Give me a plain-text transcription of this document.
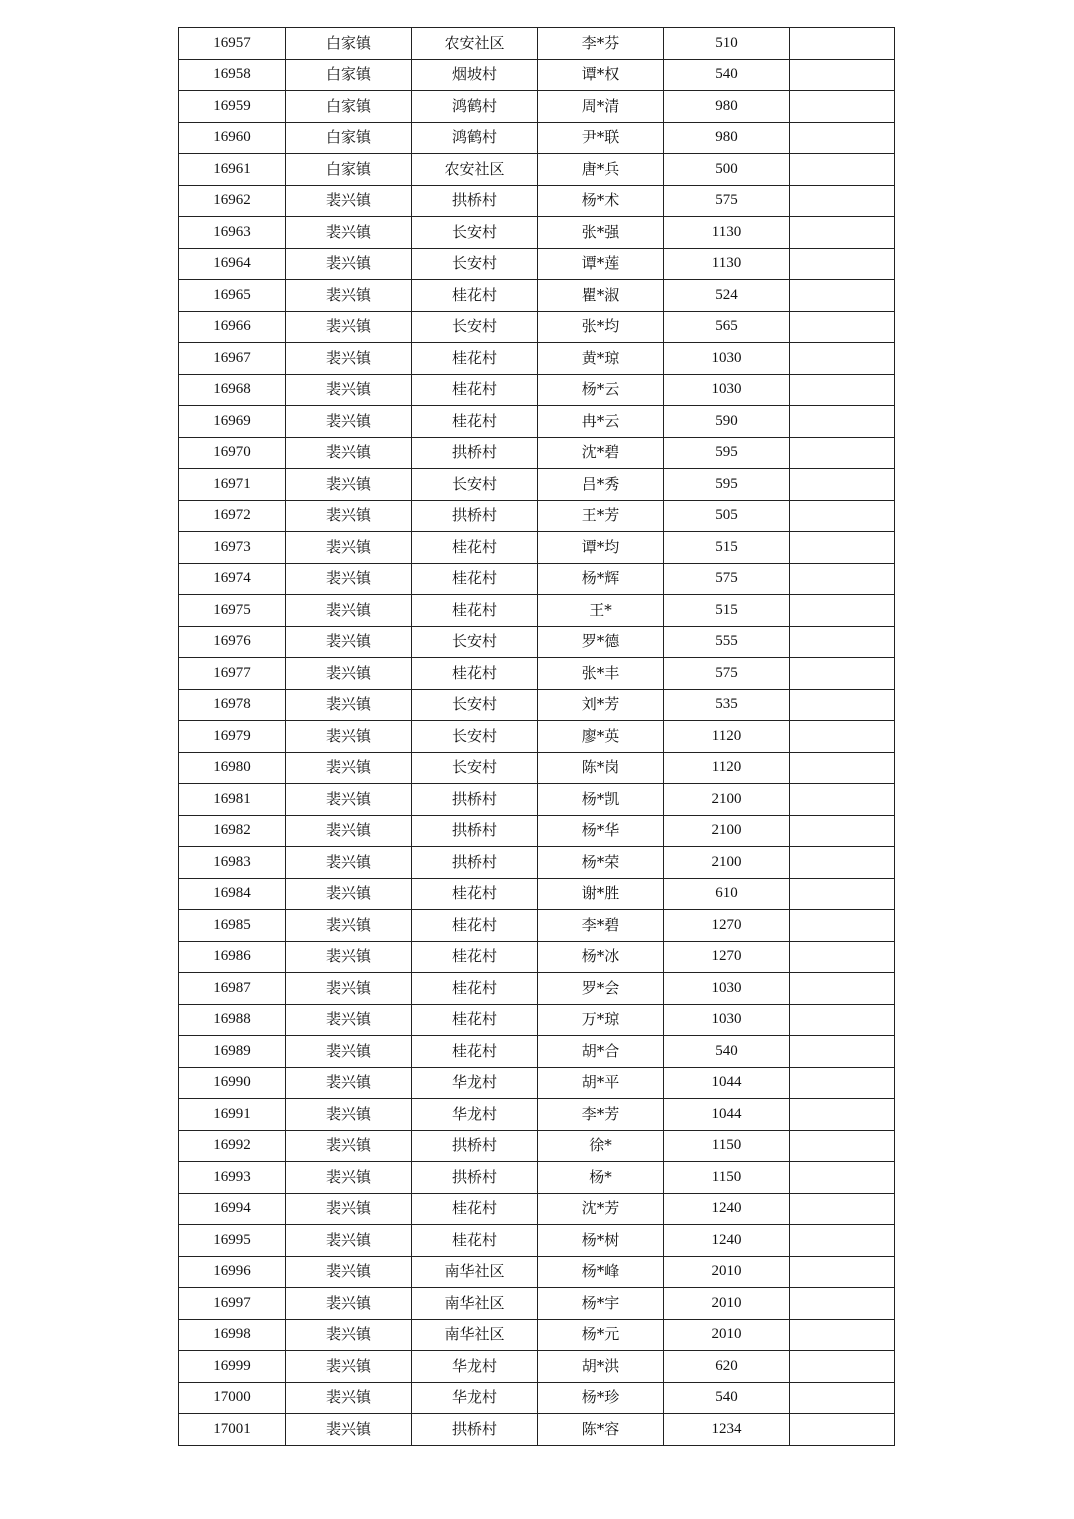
16957	白家镇	农安社区	李*芬	510	
16958	白家镇	烟坡村	谭*权	540	
16959	白家镇	鸿鹤村	周*清	980	
16960	白家镇	鸿鹤村	尹*联	980	
16961	白家镇	农安社区	唐*兵	500	
16962	裴兴镇	拱桥村	杨*术	575	
16963	裴兴镇	长安村	张*强	1130	
16964	裴兴镇	长安村	谭*莲	1130	
16965	裴兴镇	桂花村	瞿*淑	524	
16966	裴兴镇	长安村	张*均	565	
16967	裴兴镇	桂花村	黄*琼	1030	
16968	裴兴镇	桂花村	杨*云	1030	
16969	裴兴镇	桂花村	冉*云	590	
16970	裴兴镇	拱桥村	沈*碧	595	
16971	裴兴镇	长安村	吕*秀	595	
16972	裴兴镇	拱桥村	王*芳	505	
16973	裴兴镇	桂花村	谭*均	515	
16974	裴兴镇	桂花村	杨*辉	575	
16975	裴兴镇	桂花村	王*	515	
16976	裴兴镇	长安村	罗*德	555	
16977	裴兴镇	桂花村	张*丰	575	
16978	裴兴镇	长安村	刘*芳	535	
16979	裴兴镇	长安村	廖*英	1120	
16980	裴兴镇	长安村	陈*岗	1120	
16981	裴兴镇	拱桥村	杨*凯	2100	
16982	裴兴镇	拱桥村	杨*华	2100	
16983	裴兴镇	拱桥村	杨*荣	2100	
16984	裴兴镇	桂花村	谢*胜	610	
16985	裴兴镇	桂花村	李*碧	1270	
16986	裴兴镇	桂花村	杨*冰	1270	
16987	裴兴镇	桂花村	罗*会	1030	
16988	裴兴镇	桂花村	万*琼	1030	
16989	裴兴镇	桂花村	胡*合	540	
16990	裴兴镇	华龙村	胡*平	1044	
16991	裴兴镇	华龙村	李*芳	1044	
16992	裴兴镇	拱桥村	徐*	1150	
16993	裴兴镇	拱桥村	杨*	1150	
16994	裴兴镇	桂花村	沈*芳	1240	
16995	裴兴镇	桂花村	杨*树	1240	
16996	裴兴镇	南华社区	杨*峰	2010	
16997	裴兴镇	南华社区	杨*宇	2010	
16998	裴兴镇	南华社区	杨*元	2010	
16999	裴兴镇	华龙村	胡*洪	620	
17000	裴兴镇	华龙村	杨*珍	540	
17001	裴兴镇	拱桥村	陈*容	1234	
